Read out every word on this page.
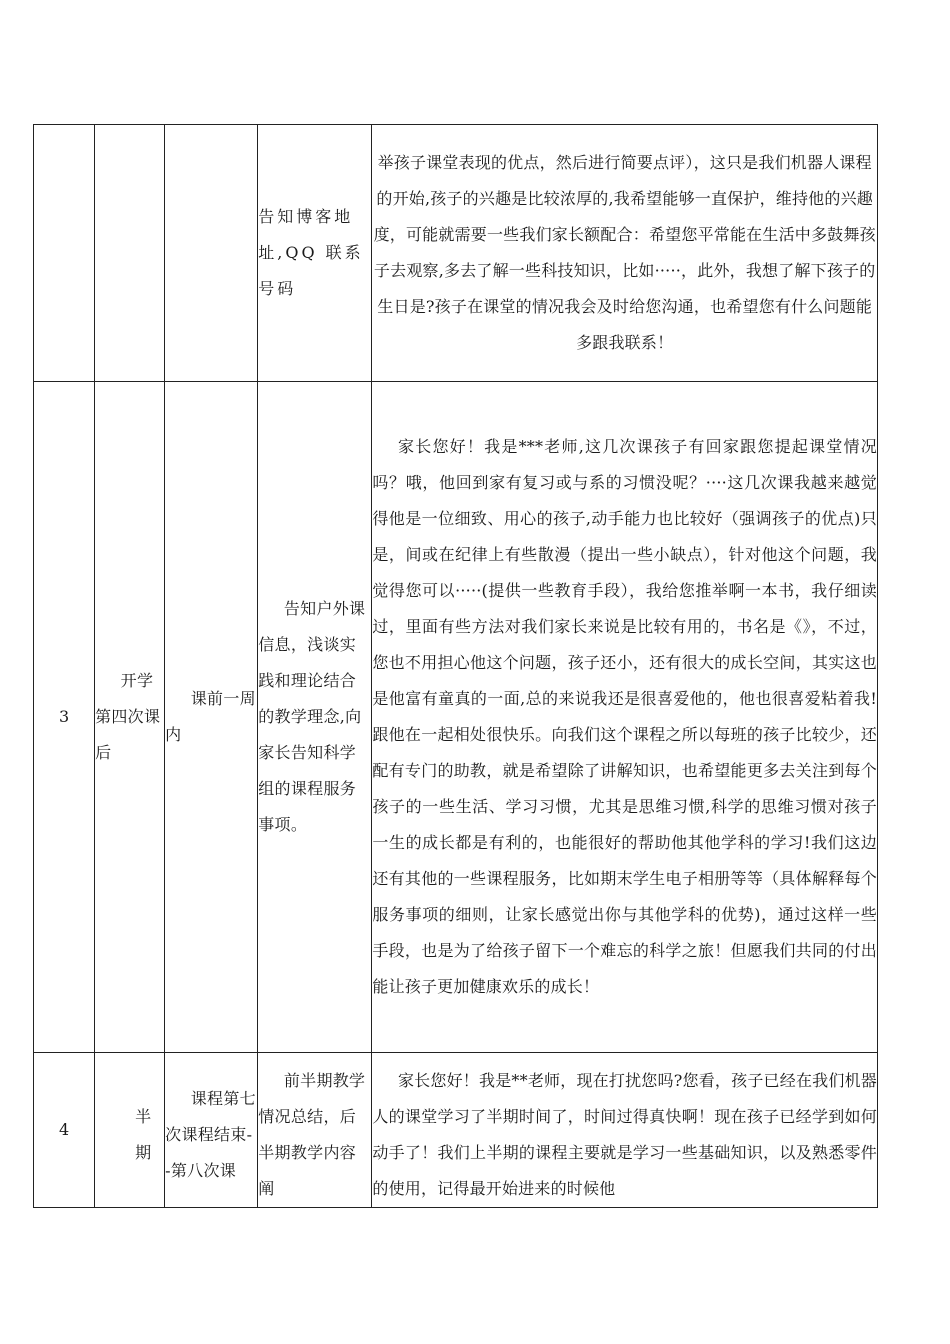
			告知博客地址,QQ 联系号码	举孩子课堂表现的优点，然后进行简要点评），这只是我们机器人课程的开始,孩子的兴趣是比较浓厚的,我希望能够一直保护，维持他的兴趣度，可能就需要一些我们家长额配合：希望您平常能在生活中多鼓舞孩子去观察,多去了解一些科技知识，比如·····，此外，我想了解下孩子的生日是?孩子在课堂的情况我会及时给您沟通，也希望您有什么问题能多跟我联系！
3	开学第四次课后	课前一周内	告知户外课信息，浅谈实践和理论结合的教学理念,向家长告知科学组的课程服务事项。	家长您好！我是***老师,这几次课孩子有回家跟您提起课堂情况吗？哦，他回到家有复习或与系的习惯没呢？····这几次课我越来越觉得他是一位细致、用心的孩子,动手能力也比较好（强调孩子的优点)只是，间或在纪律上有些散漫（提出一些小缺点），针对他这个问题，我觉得您可以·····(提供一些教育手段），我给您推举啊一本书，我仔细读过，里面有些方法对我们家长来说是比较有用的，书名是《》，不过，您也不用担心他这个问题，孩子还小，还有很大的成长空间，其实这也是他富有童真的一面,总的来说我还是很喜爱他的，他也很喜爱粘着我!跟他在一起相处很快乐。向我们这个课程之所以每班的孩子比较少，还配有专门的助教，就是希望除了讲解知识，也希望能更多去关注到每个孩子的一些生活、学习习惯，尤其是思维习惯,科学的思维习惯对孩子一生的成长都是有利的，也能很好的帮助他其他学科的学习!我们这边还有其他的一些课程服务，比如期末学生电子相册等等（具体解释每个服务事项的细则，让家长感觉出你与其他学科的优势)，通过这样一些手段，也是为了给孩子留下一个难忘的科学之旅！但愿我们共同的付出能让孩子更加健康欢乐的成长！
4	半期	课程第七次课程结束--第八次课	前半期教学情况总结，后半期教学内容阐	家长您好！我是**老师，现在打扰您吗?您看，孩子已经在我们机器人的课堂学习了半期时间了，时间过得真快啊！现在孩子已经学到如何动手了！我们上半期的课程主要就是学习一些基础知识，以及熟悉零件的使用，记得最开始进来的时候他
